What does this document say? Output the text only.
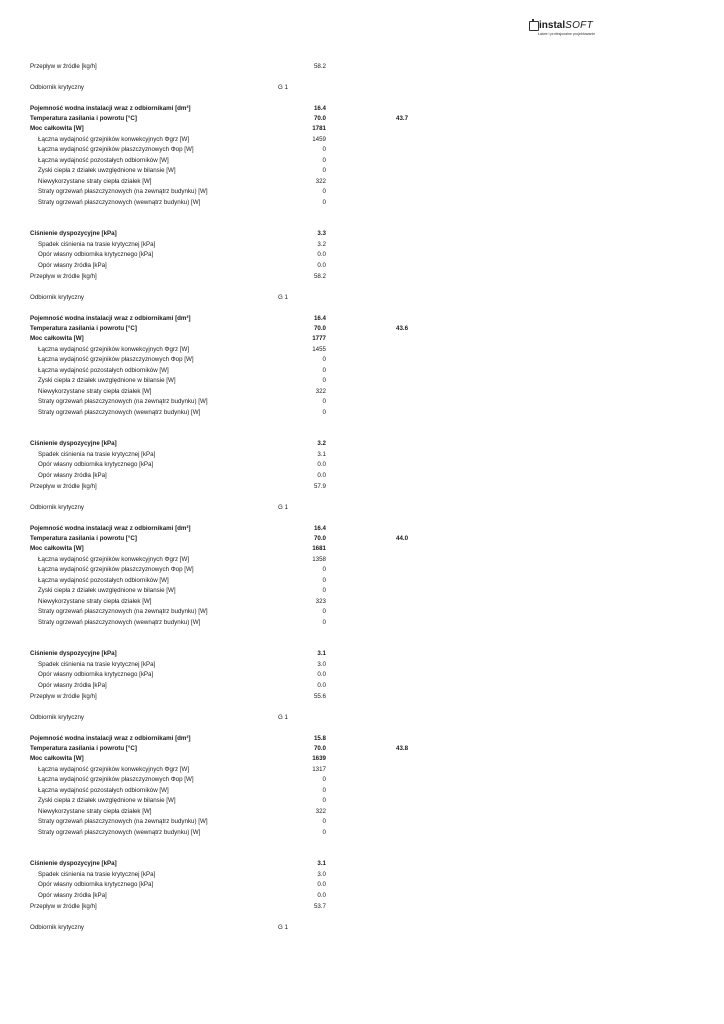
instalSOFT
Łatwe i profesjonalne projektowanie
Przepływ w źródle [kg/h]	58.2
Odbiornik krytyczny	G 1
Pojemność wodna instalacji wraz z odbiornikami [dm³]	16.4
Temperatura zasilania i powrotu [°C]	70.0	43.7
Moc całkowita [W]	1781
Łączna wydajność grzejników konwekcyjnych Φgrz [W]	1459
Łączna wydajność grzejników płaszczyznowych Φop [W]	0
Łączna wydajność pozostałych odbiorników [W]	0
Zyski ciepła z działek uwzględnione w bilansie [W]	0
Niewykorzystane straty ciepła działek [W]	322
Straty ogrzewań płaszczyznowych (na zewnątrz budynku) [W]	0
Straty ogrzewań płaszczyznowych (wewnątrz budynku) [W]	0
Ciśnienie dyspozycyjne [kPa]	3.3
Spadek ciśnienia na trasie krytycznej [kPa]	3.2
Opór własny odbiornika krytycznego [kPa]	0.0
Opór własny źródła [kPa]	0.0
Przepływ w źródle [kg/h]	58.2
Odbiornik krytyczny	G 1
Pojemność wodna instalacji wraz z odbiornikami [dm³]	16.4
Temperatura zasilania i powrotu [°C]	70.0	43.6
Moc całkowita [W]	1777
Łączna wydajność grzejników konwekcyjnych Φgrz [W]	1455
Łączna wydajność grzejników płaszczyznowych Φop [W]	0
Łączna wydajność pozostałych odbiorników [W]	0
Zyski ciepła z działek uwzględnione w bilansie [W]	0
Niewykorzystane straty ciepła działek [W]	322
Straty ogrzewań płaszczyznowych (na zewnątrz budynku) [W]	0
Straty ogrzewań płaszczyznowych (wewnątrz budynku) [W]	0
Ciśnienie dyspozycyjne [kPa]	3.2
Spadek ciśnienia na trasie krytycznej [kPa]	3.1
Opór własny odbiornika krytycznego [kPa]	0.0
Opór własny źródła [kPa]	0.0
Przepływ w źródle [kg/h]	57.9
Odbiornik krytyczny	G 1
Pojemność wodna instalacji wraz z odbiornikami [dm³]	16.4
Temperatura zasilania i powrotu [°C]	70.0	44.0
Moc całkowita [W]	1681
Łączna wydajność grzejników konwekcyjnych Φgrz [W]	1358
Łączna wydajność grzejników płaszczyznowych Φop [W]	0
Łączna wydajność pozostałych odbiorników [W]	0
Zyski ciepła z działek uwzględnione w bilansie [W]	0
Niewykorzystane straty ciepła działek [W]	323
Straty ogrzewań płaszczyznowych (na zewnątrz budynku) [W]	0
Straty ogrzewań płaszczyznowych (wewnątrz budynku) [W]	0
Ciśnienie dyspozycyjne [kPa]	3.1
Spadek ciśnienia na trasie krytycznej [kPa]	3.0
Opór własny odbiornika krytycznego [kPa]	0.0
Opór własny źródła [kPa]	0.0
Przepływ w źródle [kg/h]	55.6
Odbiornik krytyczny	G 1
Pojemność wodna instalacji wraz z odbiornikami [dm³]	15.8
Temperatura zasilania i powrotu [°C]	70.0	43.8
Moc całkowita [W]	1639
Łączna wydajność grzejników konwekcyjnych Φgrz [W]	1317
Łączna wydajność grzejników płaszczyznowych Φop [W]	0
Łączna wydajność pozostałych odbiorników [W]	0
Zyski ciepła z działek uwzględnione w bilansie [W]	0
Niewykorzystane straty ciepła działek [W]	322
Straty ogrzewań płaszczyznowych (na zewnątrz budynku) [W]	0
Straty ogrzewań płaszczyznowych (wewnątrz budynku) [W]	0
Ciśnienie dyspozycyjne [kPa]	3.1
Spadek ciśnienia na trasie krytycznej [kPa]	3.0
Opór własny odbiornika krytycznego [kPa]	0.0
Opór własny źródła [kPa]	0.0
Przepływ w źródle [kg/h]	53.7
Odbiornik krytyczny	G 1
